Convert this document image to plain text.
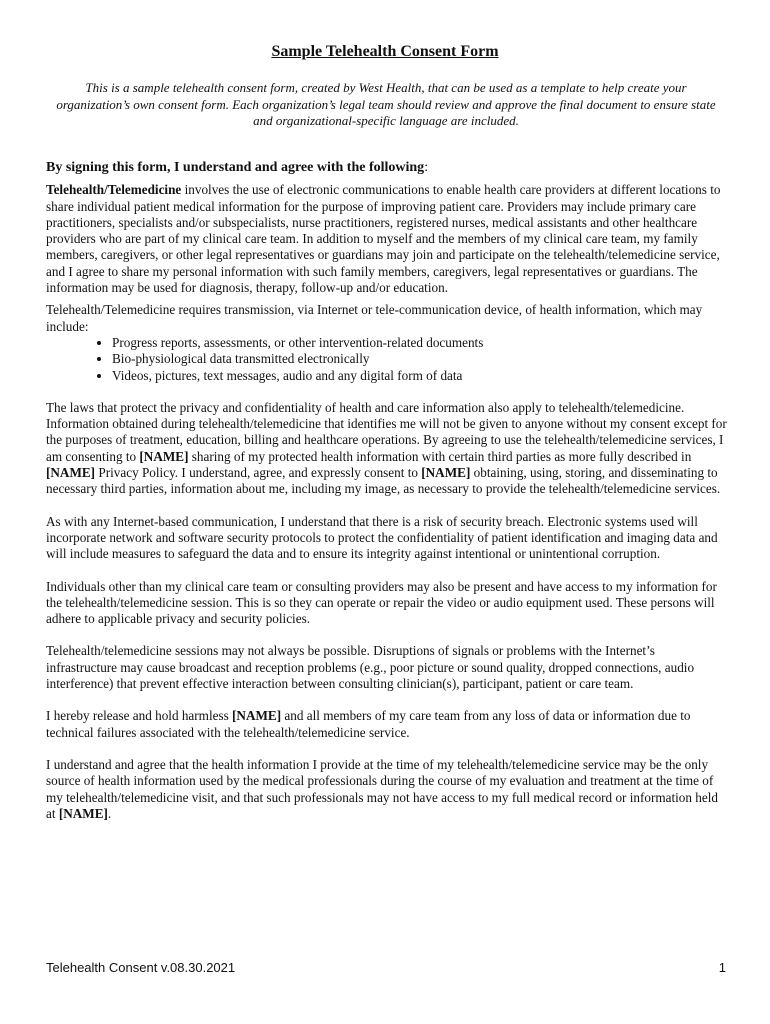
Sample Telehealth Consent Form
This is a sample telehealth consent form, created by West Health, that can be used as a template to help create your organization’s own consent form. Each organization’s legal team should review and approve the final document to ensure state and organizational-specific language are included.
By signing this form, I understand and agree with the following:

Telehealth/Telemedicine involves the use of electronic communications to enable health care providers at different locations to share individual patient medical information for the purpose of improving patient care. Providers may include primary care practitioners, specialists and/or subspecialists, nurse practitioners, registered nurses, medical assistants and other healthcare providers who are part of my clinical care team. In addition to myself and the members of my clinical care team, my family members, caregivers, or other legal representatives or guardians may join and participate on the telehealth/telemedicine service, and I agree to share my personal information with such family members, caregivers, legal representatives or guardians. The information may be used for diagnosis, therapy, follow-up and/or education.

Telehealth/Telemedicine requires transmission, via Internet or tele-communication device, of health information, which may include:

• Progress reports, assessments, or other intervention-related documents
• Bio-physiological data transmitted electronically
• Videos, pictures, text messages, audio and any digital form of data

The laws that protect the privacy and confidentiality of health and care information also apply to telehealth/telemedicine. Information obtained during telehealth/telemedicine that identifies me will not be given to anyone without my consent except for the purposes of treatment, education, billing and healthcare operations. By agreeing to use the telehealth/telemedicine services, I am consenting to [NAME] sharing of my protected health information with certain third parties as more fully described in [NAME] Privacy Policy. I understand, agree, and expressly consent to [NAME] obtaining, using, storing, and disseminating to necessary third parties, information about me, including my image, as necessary to provide the telehealth/telemedicine services.

As with any Internet-based communication, I understand that there is a risk of security breach. Electronic systems used will incorporate network and software security protocols to protect the confidentiality of patient identification and imaging data and will include measures to safeguard the data and to ensure its integrity against intentional or unintentional corruption.

Individuals other than my clinical care team or consulting providers may also be present and have access to my information for the telehealth/telemedicine session. This is so they can operate or repair the video or audio equipment used. These persons will adhere to applicable privacy and security policies.

Telehealth/telemedicine sessions may not always be possible. Disruptions of signals or problems with the Internet’s infrastructure may cause broadcast and reception problems (e.g., poor picture or sound quality, dropped connections, audio interference) that prevent effective interaction between consulting clinician(s), participant, patient or care team.

I hereby release and hold harmless [NAME] and all members of my care team from any loss of data or information due to technical failures associated with the telehealth/telemedicine service.

I understand and agree that the health information I provide at the time of my telehealth/telemedicine service may be the only source of health information used by the medical professionals during the course of my evaluation and treatment at the time of my telehealth/telemedicine visit, and that such professionals may not have access to my full medical record or information held at [NAME].

Telehealth Consent v.08.30.2021	1
